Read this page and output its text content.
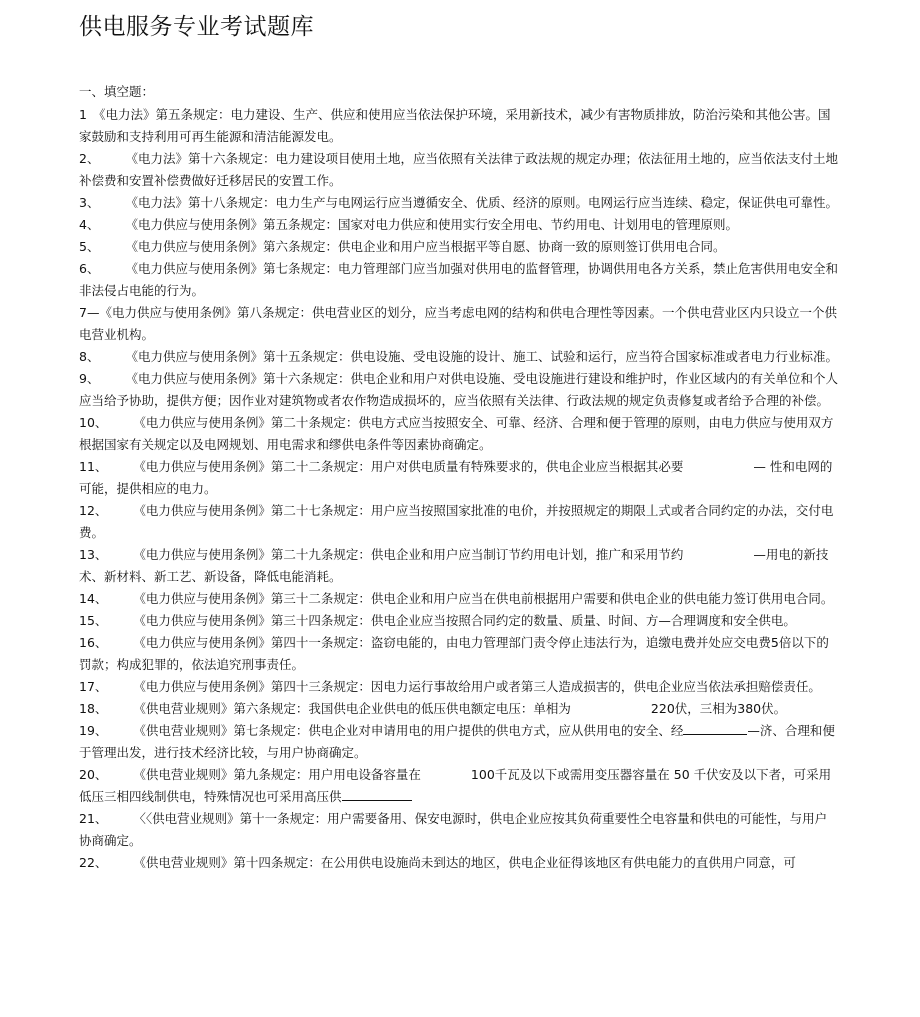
供电服务专业考试题库
一、填空题：

1 《电力法》第五条规定：电力建设、生产、供应和使用应当依法保护环境，采用新技术，减少有害物质排放，防治污染和其他公害。国家鼓励和支持利用可再生能源和清洁能源发电。

2、 《电力法》第十六条规定：电力建设项目使用土地，应当依照有关法律亍政法规的规定办理；依法征用土地的，应当依法支付土地补偿费和安置补偿费做好迁移居民的安置工作。

3、 《电力法》第十八条规定：电力生产与电网运行应当遵循安全、优质、经济的原则。电网运行应当连续、稳定，保证供电可靠性。

4、 《电力供应与使用条例》第五条规定：国家对电力供应和使用实行安全用电、节约用电、计划用电的管理原则。

5、 《电力供应与使用条例》第六条规定：供电企业和用户应当根据平等自愿、协商一致的原则签订供用电合同。

6、 《电力供应与使用条例》第七条规定：电力管理部门应当加强对供用电的监督管理，协调供用电各方关系，禁止危害供用电安全和非法侵占电能的行为。

7—《电力供应与使用条例》第八条规定：供电营业区的划分，应当考虑电网的结构和供电合理性等因素。一个供电营业区内只设立一个供电营业机构。

8、 《电力供应与使用条例》第十五条规定：供电设施、受电设施的设计、施工、试验和运行，应当符合国家标准或者电力行业标准。

9、 《电力供应与使用条例》第十六条规定：供电企业和用户对供电设施、受电设施进行建设和维护时，作业区域内的有关单位和个人应当给予协助，提供方便；因作业对建筑物或者农作物造成损坏的，应当依照有关法律、行政法规的规定负责修复或者给予合理的补偿。

10、 《电力供应与使用条例》第二十条规定：供电方式应当按照安全、可靠、经济、合理和便于管理的原则，由电力供应与使用双方根据国家有关规定以及电网规划、用电需求和缪供电条件等因素协商确定。

11、 《电力供应与使用条例》第二十二条规定：用户对供电质量有特殊要求的，供电企业应当根据其必要	— 性和电网的可能，提供相应的电力。

12、 《电力供应与使用条例》第二十七条规定：用户应当按照国家批准的电价，并按照规定的期限丄式或者合同约定的办法，交付电费。

13、 《电力供应与使用条例》第二十九条规定：供电企业和用户应当制订节约用电计划，推广和采用节约	—用电的新技术、新材料、新工艺、新设备，降低电能消耗。

14、 《电力供应与使用条例》第三十二条规定：供电企业和用户应当在供电前根据用户需要和供电企业的供电能力签订供用电合同。

15、 《电力供应与使用条例》第三十四条规定：供电企业应当按照合同约定的数量、质量、时间、方—合理调度和安全供电。

16、 《电力供应与使用条例》第四十一条规定：盗窃电能的，由电力管理部门责令停止违法行为，追缴电费并处应交电费5倍以下的罚款；构成犯罪的，依法追究刑事责任。

17、 《电力供应与使用条例》第四十三条规定：因电力运行事故给用户或者第三人造成损害的，供电企业应当依法承担赔偿责任。

18、 《供电营业规则》第六条规定：我国供电企业供电的低压供电额定电压：单相为	220伏，三相为380伏。

19、 《供电营业规则》第七条规定：供电企业对申请用电的用户提供的供电方式，应从供用电的安全、经	—济、合理和便于管理出发，进行技术经济比较，与用户协商确定。

20、 《供电营业规则》第九条规定：用户用电设备容量在	100千瓦及以下或需用变压器容量在 50 千伏安及以下者，可采用低压三相四线制供电，特殊情况也可采用高压供

21、 〈〈供电营业规则》第十一条规定：用户需要备用、保安电源时，供电企业应按其负荷重要性仝电容量和供电的可能性，与用户协商确定。

22、 《供电营业规则》第十四条规定：在公用供电设施尚未到达的地区，供电企业征得该地区有供电能力的直供用户同意，可
